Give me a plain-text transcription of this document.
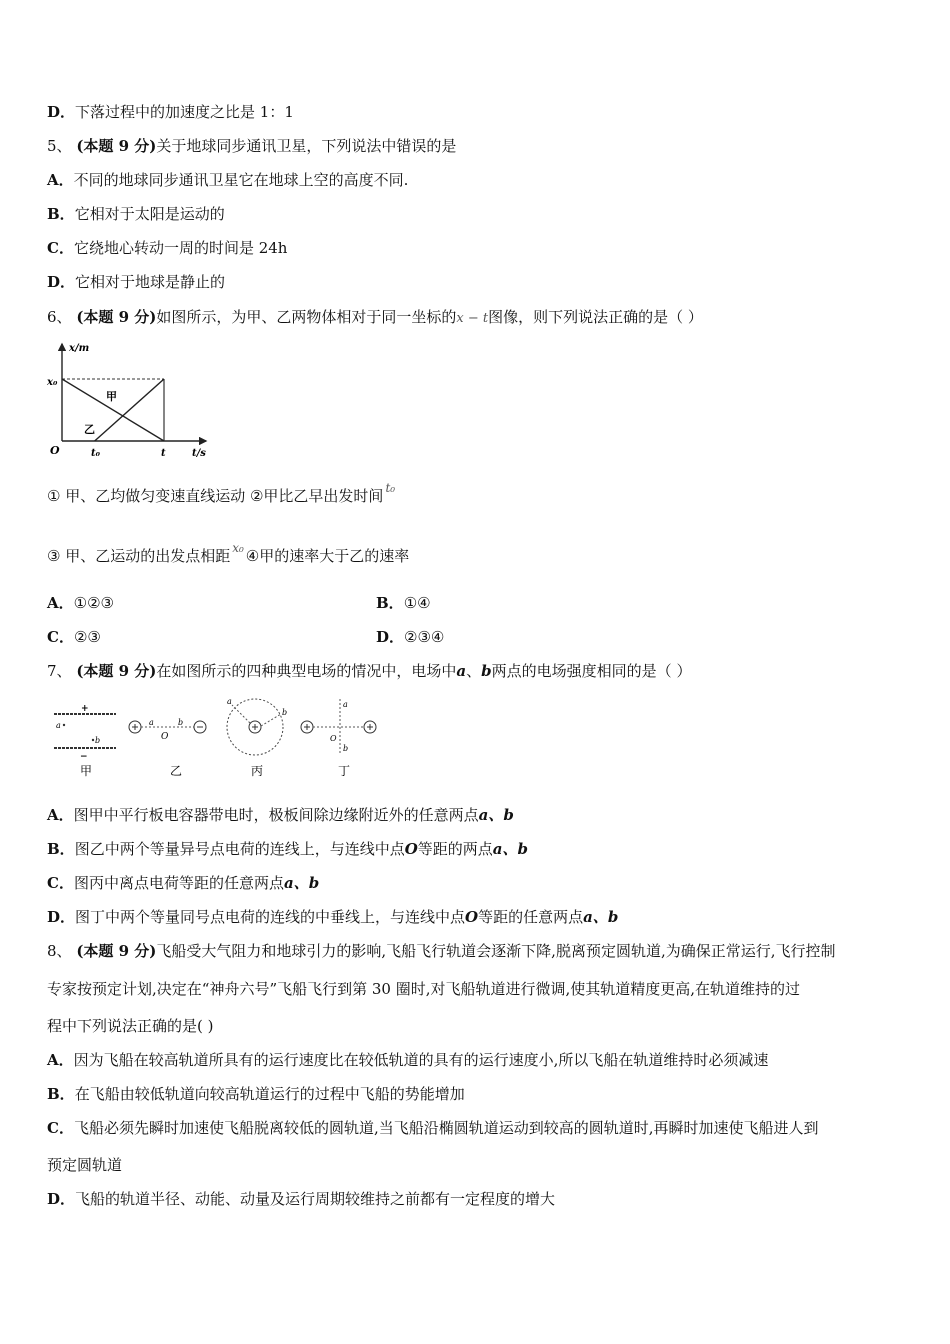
D．下落过程中的加速度之比是 1：1
5、 (本题 9 分)关于地球同步通讯卫星，下列说法中错误的是
A．不同的地球同步通讯卫星它在地球上空的高度不同.
B．它相对于太阳是运动的
C．它绕地心转动一周的时间是 24h
D．它相对于地球是静止的
6、 (本题 9 分)如图所示，为甲、乙两物体相对于同一坐标的x − t图像，则下列说法正确的是（ ）
x/m
t/s
O
x₀
t₀	t
甲
乙
① 甲、乙均做匀变速直线运动 ②甲比乙早出发时间 $^{t_0}$
③ 甲、乙运动的出发点相距 $^{x_0}$ ④甲的速率大于乙的速率
A．①②③	B．①④
C．②③	D．②③④
7、 (本题 9 分)在如图所示的四种典型电场的情况中，电场中a、b两点的电场强度相同的是（ ）
+
a
b
−
甲
a	b
O
乙
a
b
丙
a
O
b
丁
A．图甲中平行板电容器带电时，极板间除边缘附近外的任意两点a、b
B．图乙中两个等量异号点电荷的连线上，与连线中点O等距的两点a、b
C．图丙中离点电荷等距的任意两点a、b
D．图丁中两个等量同号点电荷的连线的中垂线上，与连线中点O等距的任意两点a、b
8、 (本题 9 分)飞船受大气阻力和地球引力的影响,飞船飞行轨道会逐渐下降,脱离预定圆轨道,为确保正常运行,飞行控制
专家按预定计划,决定在“神舟六号”飞船飞行到第 30 圈时,对飞船轨道进行微调,使其轨道精度更高,在轨道维持的过
程中下列说法正确的是( )
A．因为飞船在较高轨道所具有的运行速度比在较低轨道的具有的运行速度小,所以飞船在轨道维持时必须减速
B．在飞船由较低轨道向较高轨道运行的过程中飞船的势能增加
C．飞船必须先瞬时加速使飞船脱离较低的圆轨道,当飞船沿椭圆轨道运动到较高的圆轨道时,再瞬时加速使飞船进人到
预定圆轨道
D．飞船的轨道半径、动能、动量及运行周期较维持之前都有一定程度的增大
